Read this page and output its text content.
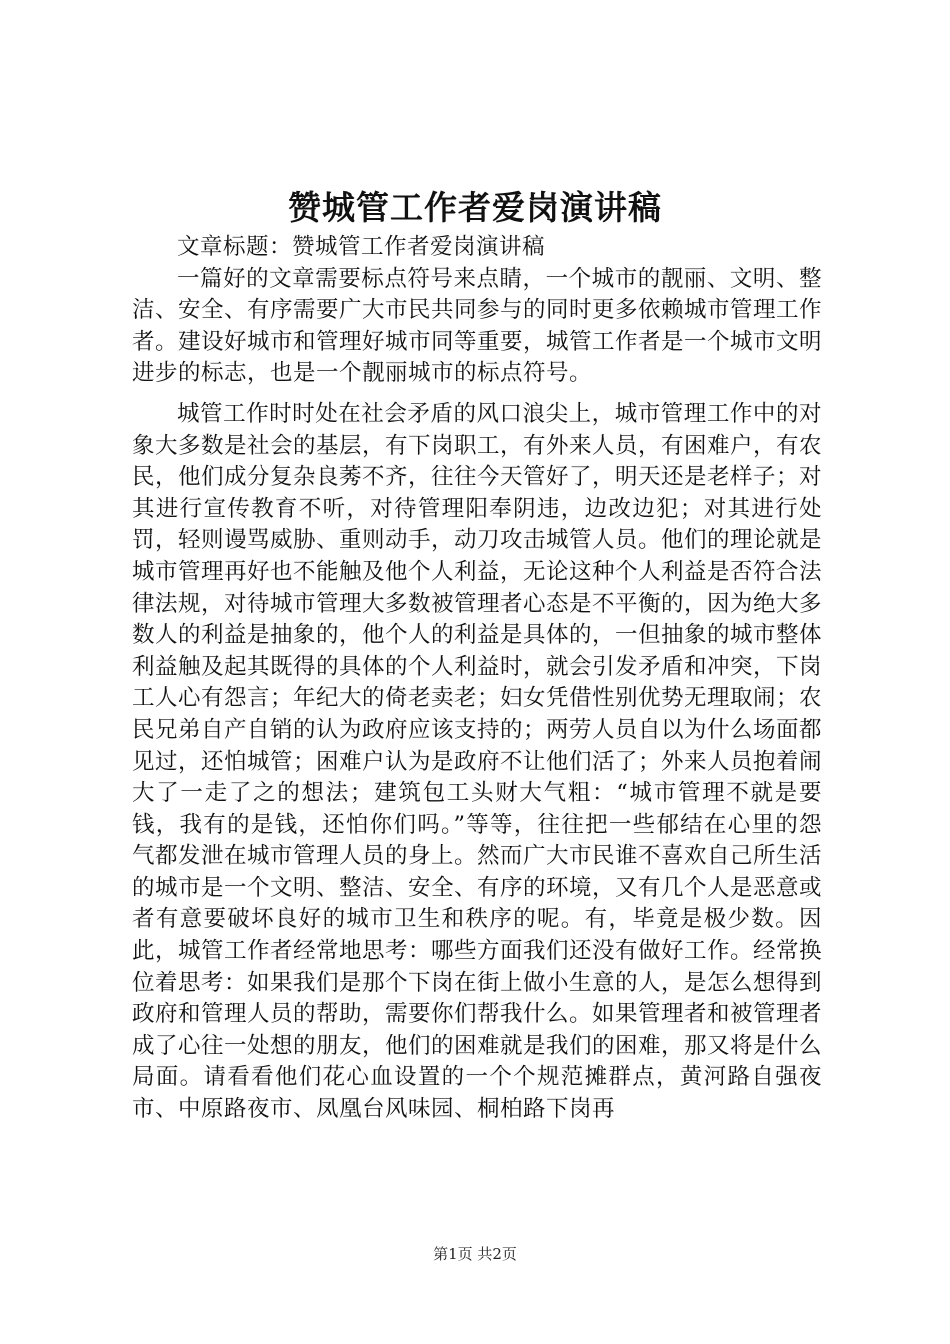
赞城管工作者爱岗演讲稿

文章标题：赞城管工作者爱岗演讲稿

一篇好的文章需要标点符号来点睛，一个城市的靓丽、文明、整洁、安全、有序需要广大市民共同参与的同时更多依赖城市管理工作者。建设好城市和管理好城市同等重要，城管工作者是一个城市文明进步的标志，也是一个靓丽城市的标点符号。

城管工作时时处在社会矛盾的风口浪尖上，城市管理工作中的对象大多数是社会的基层，有下岗职工，有外来人员，有困难户，有农民，他们成分复杂良莠不齐，往往今天管好了，明天还是老样子；对其进行宣传教育不听，对待管理阳奉阴违，边改边犯；对其进行处罚，轻则谩骂威胁、重则动手，动刀攻击城管人员。他们的理论就是城市管理再好也不能触及他个人利益，无论这种个人利益是否符合法律法规，对待城市管理大多数被管理者心态是不平衡的，因为绝大多数人的利益是抽象的，他个人的利益是具体的，一但抽象的城市整体利益触及起其既得的具体的个人利益时，就会引发矛盾和冲突，下岗工人心有怨言；年纪大的倚老卖老；妇女凭借性别优势无理取闹；农民兄弟自产自销的认为政府应该支持的；两劳人员自以为什么场面都见过，还怕城管；困难户认为是政府不让他们活了；外来人员抱着闹大了一走了之的想法；建筑包工头财大气粗：“城市管理不就是要钱，我有的是钱，还怕你们吗。”等等，往往把一些郁结在心里的怨气都发泄在城市管理人员的身上。然而广大市民谁不喜欢自己所生活的城市是一个文明、整洁、安全、有序的环境，又有几个人是恶意或者有意要破坏良好的城市卫生和秩序的呢。有，毕竟是极少数。因此，城管工作者经常地思考：哪些方面我们还没有做好工作。经常换位着思考：如果我们是那个下岗在街上做小生意的人，是怎么想得到政府和管理人员的帮助，需要你们帮我什么。如果管理者和被管理者成了心往一处想的朋友，他们的困难就是我们的困难，那又将是什么局面。请看看他们花心血设置的一个个规范摊群点，黄河路自强夜市、中原路夜市、凤凰台风味园、桐柏路下岗再

第1页 共2页
